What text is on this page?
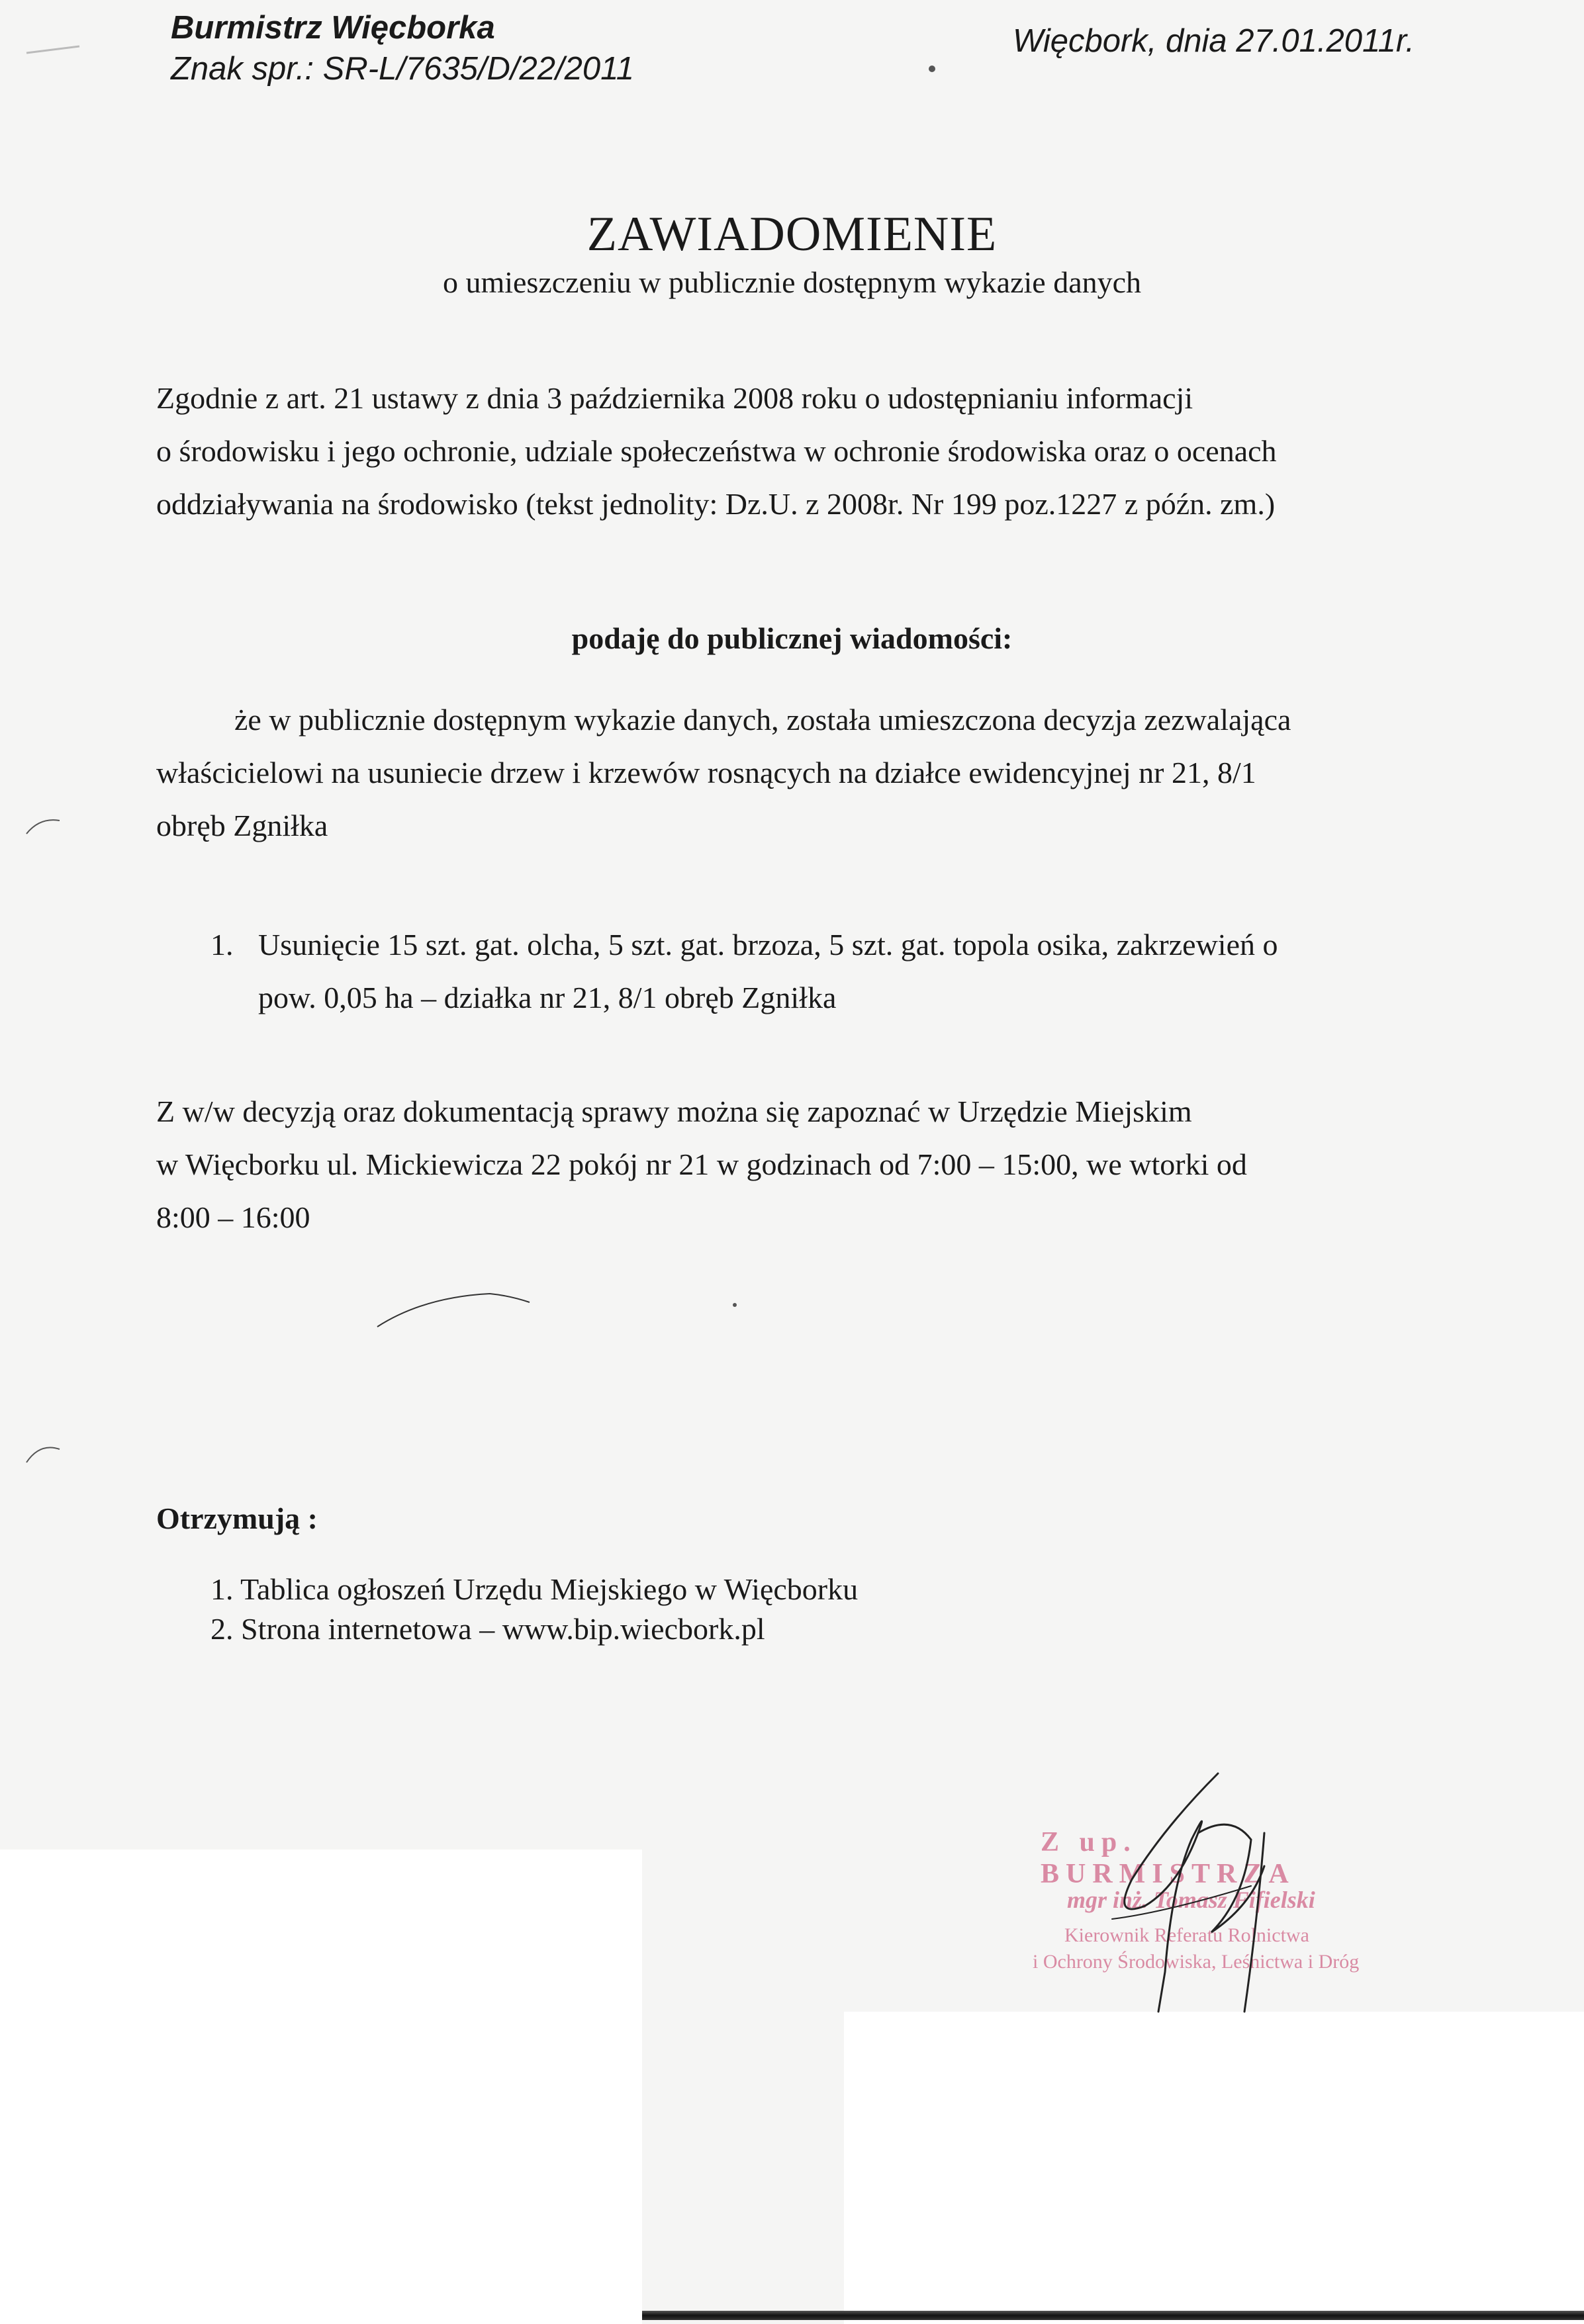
Burmistrz Więcborka
Znak spr.: SR-L/7635/D/22/2011
Więcbork, dnia 27.01.2011r.
ZAWIADOMIENIE
o umieszczeniu w publicznie dostępnym wykazie danych
Zgodnie z art. 21 ustawy z dnia 3 października 2008 roku o udostępnianiu informacji
o środowisku i jego ochronie, udziale społeczeństwa w ochronie środowiska oraz o ocenach
oddziaływania na środowisko (tekst jednolity: Dz.U. z 2008r. Nr 199 poz.1227 z późn. zm.)
podaję do publicznej wiadomości:
że w publicznie dostępnym wykazie danych, została umieszczona decyzja zezwalająca
właścicielowi na usuniecie drzew i krzewów rosnących na działce ewidencyjnej nr 21, 8/1
obręb Zgniłka
1. Usunięcie 15 szt. gat. olcha, 5 szt. gat. brzoza, 5 szt. gat. topola osika, zakrzewień o
pow. 0,05 ha – działka nr 21, 8/1 obręb Zgniłka
Z w/w decyzją oraz dokumentacją sprawy można się zapoznać w Urzędzie Miejskim
w Więcborku ul. Mickiewicza 22 pokój nr 21 w godzinach od 7:00 – 15:00, we wtorki od
8:00 – 16:00
Otrzymują :
1. Tablica ogłoszeń Urzędu Miejskiego w Więcborku
2. Strona internetowa – www.bip.wiecbork.pl
Z up. BURMISTRZA
mgr inż. Tomasz Fifielski
Kierownik Referatu Rolnictwa
i Ochrony Środowiska, Leśnictwa i Dróg
